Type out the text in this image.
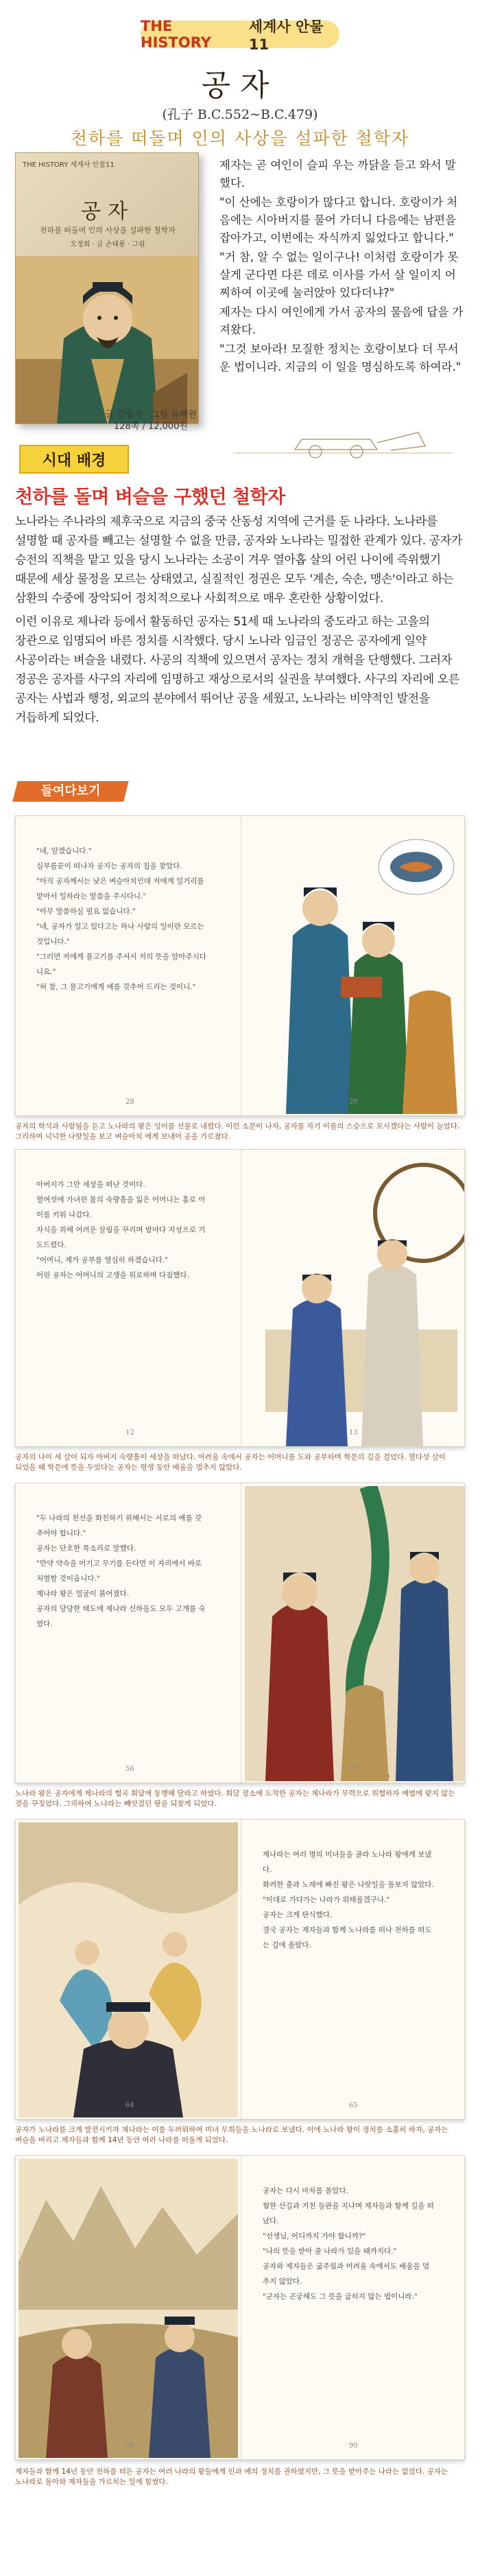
THE HISTORY
세계사 안물11
공자
(孔子 B.C.552~B.C.479)
천하를 떠돌며 인의 사상을 설파한 철학자
THE HISTORY 세계사 안물11
공자
천하를 떠돌며 인의 사상을 설파한 철학자
오정희 · 글 손태룡 · 그림
글 김영자 · 그림 유백원
128쪽 / 12,000원

제자는 곧 여인이 슬피 우는 까닭을 듣고 와서 말했다.

"이 산에는 호랑이가 많다고 합니다. 호랑이가 처음에는 시아버지를 물어 가더니 다음에는 남편을 잡아가고, 이번에는 자식까지 잃었다고 합니다."

"거 참, 알 수 없는 일이구나! 이처럼 호랑이가 못살게 군다면 다른 데로 이사를 가서 살 일이지 어찌하여 이곳에 눌러앉아 있다더냐?"

제자는 다시 여인에게 가서 공자의 물음에 답을 가져왔다.

"그것 보아라! 모질한 정치는 호랑이보다 더 무서운 법이니라. 지금의 이 일을 명심하도록 하여라."

시대 배경
천하를 돌며 벼슬을 구했던 철학자

노나라는 주나라의 제후국으로 지금의 중국 산동성 지역에 근거를 둔 나라다. 노나라를 설명할 때 공자를 빼고는 설명할 수 없을 만큼, 공자와 노나라는 밀접한 관계가 있다. 공자가 승전의 직책을 맡고 있을 당시 노나라는 소공이 겨우 열아홉 살의 어린 나이에 즉위했기 때문에 세상 물정을 모르는 상태였고, 실질적인 정권은 모두 '계손, 숙손, 맹손'이라고 하는 삼환의 수중에 장악되어 정치적으로나 사회적으로 매우 혼란한 상황이었다.

이런 이유로 제나라 등에서 활동하던 공자는 51세 때 노나라의 중도라고 하는 고을의 장관으로 임명되어 바른 정치를 시작했다. 당시 노나라 임금인 정공은 공자에게 일약 사공이라는 벼슬을 내렸다. 사공의 직책에 있으면서 공자는 정치 개혁을 단행했다. 그러자 정공은 공자를 사구의 자리에 임명하고 재상으로서의 실권을 부여했다. 사구의 자리에 오른 공자는 사법과 행정, 외교의 분야에서 뛰어난 공을 세웠고, 노나라는 비약적인 발전을 거듭하게 되었다.

들여다보기
"네, 알겠습니다."
심부름꾼이 떠나자 공지는 공자의 집을 찾았다.
"아직 공자께서는 낮은 벼슬아치인데 저에게 일거리를 맡아서 일하라는 말씀을 주시다니."
"아무 말씀하실 필요 없습니다."
"네, 공자가 일고 있다고는 하나 사람의 일이란 모르는 것입니다."
"그러면 저에게 물고기를 주셔서 저의 뜻을 알아주시다니요."
"허 참, 그 물고기에게 예를 갖추어 드리는 것이니."
28	29
공자의 학식과 사람됨을 듣고 노나라의 왕은 잉어를 선물로 내렸다. 이런 소문이 나자, 공자를 자기 이름의 스승으로 모시겠다는 사람이 늘었다. 그리하여 넉넉한 나랏일을 보고 벼슬아치 에게 보내어 공을 가르쳤다.
아버지가 그만 세상을 떠난 것이다.
열여섯에 가녀린 몸의 숙량흘을 잃은 어머니는 홀로 아이를 키워 나갔다.
자식을 위해 어려운 살림을 꾸리며 밤마다 지성으로 기도드렸다.
"어머니, 제가 공부를 열심히 하겠습니다."
어린 공자는 어머니의 고생을 위로하며 다짐했다.
12	13
공자의 나이 세 살이 되자 아버지 숙량흘이 세상을 떠났다. 어려움 속에서 공자는 어머니를 도와 공부하며 학문의 길을 걸었다. 열다섯 살이 되었을 때 학문에 뜻을 두었다는 공자는 평생 동안 배움을 멈추지 않았다.
"두 나라의 천선을 화친하기 위해서는 서로의 예를 갖추어야 합니다."
공자는 단호한 목소리로 말했다.
"만약 약속을 어기고 무기를 든다면 이 자리에서 바로 처벌할 것이옵니다."
제나라 왕은 얼굴이 붉어졌다.
공자의 당당한 태도에 제나라 신하들도 모두 고개를 숙였다.
56	57
노나라 왕은 공자에게 제나라의 협곡 회담에 동행해 달라고 하였다. 회담 장소에 도착한 공자는 제나라가 무력으로 위협하자 예법에 맞지 않는 것을 꾸짖었다. 그리하여 노나라는 빼앗겼던 땅을 되찾게 되었다.
제나라는 여러 명의 미녀들을 골라 노나라 왕에게 보냈다.
화려한 춤과 노래에 빠진 왕은 나랏일을 돌보지 않았다.
"이대로 가다가는 나라가 위태롭겠구나."
공자는 크게 탄식했다.
결국 공자는 제자들과 함께 노나라를 떠나 천하를 떠도는 길에 올랐다.
64	65
공자가 노나라를 크게 발전시키자 제나라는 이를 두려워하여 미녀 무희들을 노나라로 보냈다. 이에 노나라 왕이 정치를 소홀히 하자, 공자는 벼슬을 버리고 제자들과 함께 14년 동안 여러 나라를 떠돌게 되었다.
공자는 다시 마차를 몰았다.
험한 산길과 거친 들판을 지나며 제자들과 함께 길을 떠났다.
"선생님, 어디까지 가야 합니까?"
"나의 뜻을 받아 줄 나라가 있을 때까지다."
공자와 제자들은 굶주림과 어려움 속에서도 배움을 멈추지 않았다.
"군자는 곤궁해도 그 뜻을 굽히지 않는 법이니라."
98	99
제자들과 함께 14년 동안 천하를 떠돈 공자는 여러 나라의 왕들에게 인과 예의 정치를 권하였지만, 그 뜻을 받아주는 나라는 없었다. 공자는 노나라로 돌아와 제자들을 가르치는 일에 힘썼다.
